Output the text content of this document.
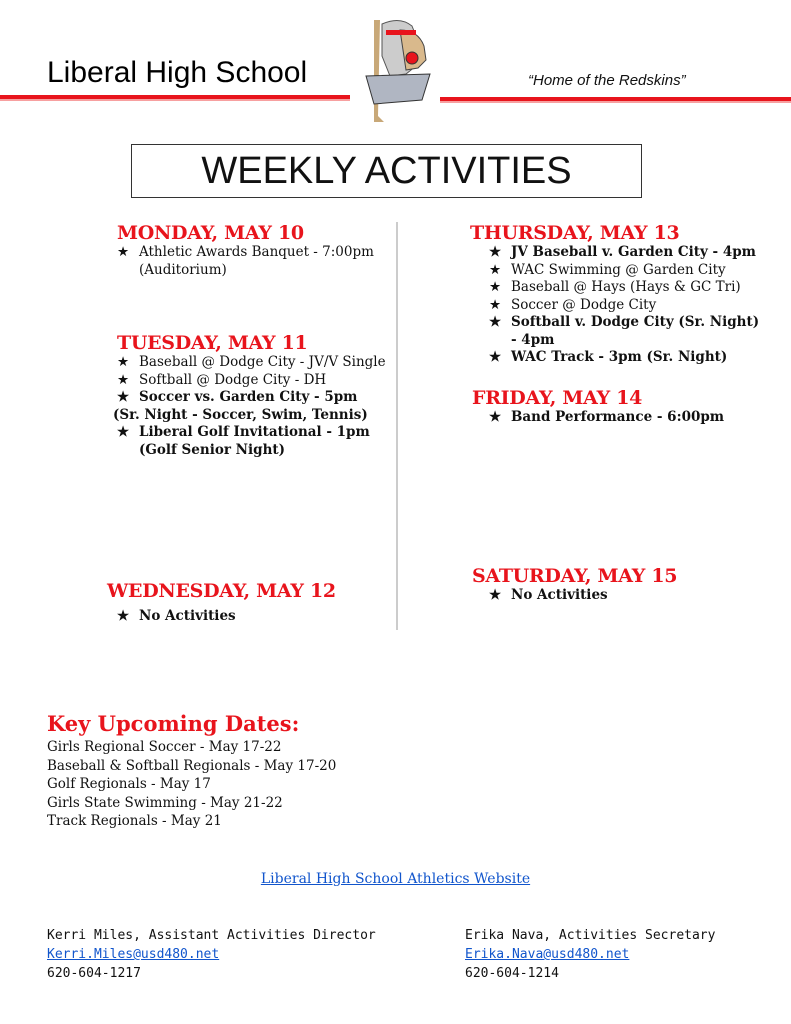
Liberal High School	“Home of the Redskins”
WEEKLY ACTIVITIES
MONDAY, MAY 10
★ Athletic Awards Banquet - 7:00pm (Auditorium)
TUESDAY, MAY 11
★ Baseball @ Dodge City - JV/V Single
★ Softball @ Dodge City - DH
★ Soccer vs. Garden City - 5pm
(Sr. Night - Soccer, Swim, Tennis)
★ Liberal Golf Invitational - 1pm (Golf Senior Night)
WEDNESDAY, MAY 12
★ No Activities
THURSDAY, MAY 13
★ JV Baseball v. Garden City - 4pm
★ WAC Swimming @ Garden City
★ Baseball @ Hays (Hays & GC Tri)
★ Soccer @ Dodge City
★ Softball v. Dodge City (Sr. Night) - 4pm
★ WAC Track - 3pm (Sr. Night)
FRIDAY, MAY 14
★ Band Performance - 6:00pm
SATURDAY, MAY 15
★ No Activities
Key Upcoming Dates:
Girls Regional Soccer - May 17-22
Baseball & Softball Regionals - May 17-20
Golf Regionals - May 17
Girls State Swimming - May 21-22
Track Regionals - May 21
Liberal High School Athletics Website
Kerri Miles, Assistant Activities Director
Kerri.Miles@usd480.net
620-604-1217
Erika Nava, Activities Secretary
Erika.Nava@usd480.net
620-604-1214
